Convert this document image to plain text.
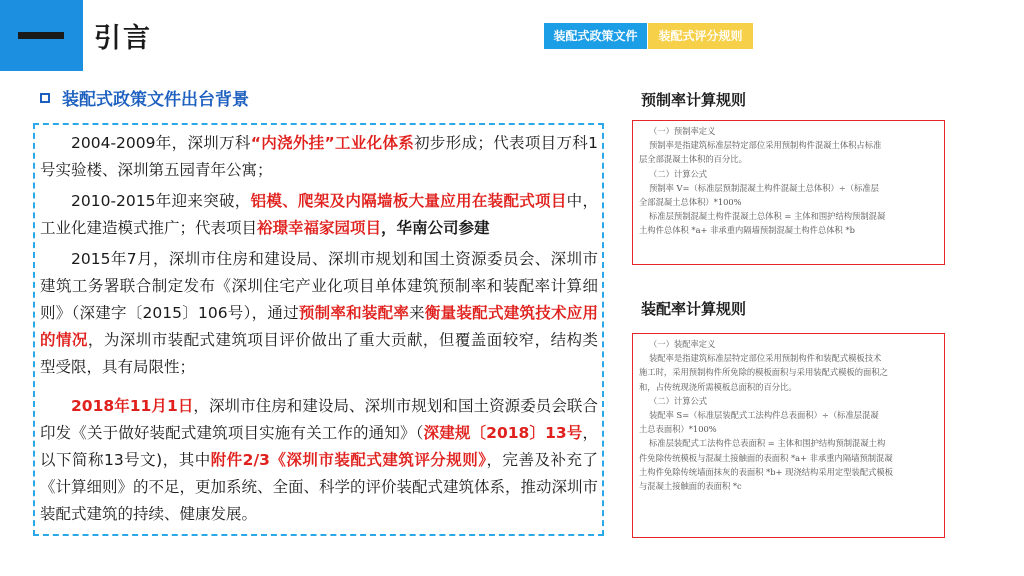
引言	装配式政策文件	装配式评分规则
装配式政策文件出台背景

2004-2009年，深圳万科“内浇外挂”工业化体系初步形成；代表项目万科1号实验楼、深圳第五园青年公寓；

2010-2015年迎来突破，铝模、爬架及内隔墙板大量应用在装配式项目中，工业化建造模式推广；代表项目裕璟幸福家园项目，华南公司参建

2015年7月，深圳市住房和建设局、深圳市规划和国土资源委员会、深圳市建筑工务署联合制定发布《深圳住宅产业化项目单体建筑预制率和装配率计算细则》（深建字〔2015〕106号），通过预制率和装配率来衡量装配式建筑技术应用的情况，为深圳市装配式建筑项目评价做出了重大贡献，但覆盖面较窄，结构类型受限，具有局限性；

2018年11月1日，深圳市住房和建设局、深圳市规划和国土资源委员会联合印发《关于做好装配式建筑项目实施有关工作的通知》（深建规〔2018〕13号，以下简称13号文)，其中附件2/3《深圳市装配式建筑评分规则》，完善及补充了《计算细则》的不足，更加系统、全面、科学的评价装配式建筑体系，推动深圳市装配式建筑的持续、健康发展。

预制率计算规则
（一）预制率定义
预制率是指建筑标准层特定部位采用预制构件混凝土体积占标准
层全部混凝土体积的百分比。
（二）计算公式
预制率 V=（标准层预制混凝土构件混凝土总体积）÷（标准层
全部混凝土总体积）*100%
标准层预制混凝土构件混凝土总体积 = 主体和围护结构预制混凝
土构件总体积 *a+ 非承重内隔墙预制混凝土构件总体积 *b
装配率计算规则
（一）装配率定义
装配率是指建筑标准层特定部位采用预制构件和装配式模板技术
施工时，采用预制构件所免除的模板面积与采用装配式模板的面积之
和，占传统现浇所需模板总面积的百分比。
（二）计算公式
装配率 S=（标准层装配式工法构件总表面积）÷（标准层混凝
土总表面积）*100%
标准层装配式工法构件总表面积 = 主体和围护结构预制混凝土构
件免除传统模板与混凝土接触面的表面积 *a+ 非承重内隔墙预制混凝
土构件免除传统墙面抹灰的表面积 *b+ 现浇结构采用定型装配式模板
与混凝土接触面的表面积 *c
